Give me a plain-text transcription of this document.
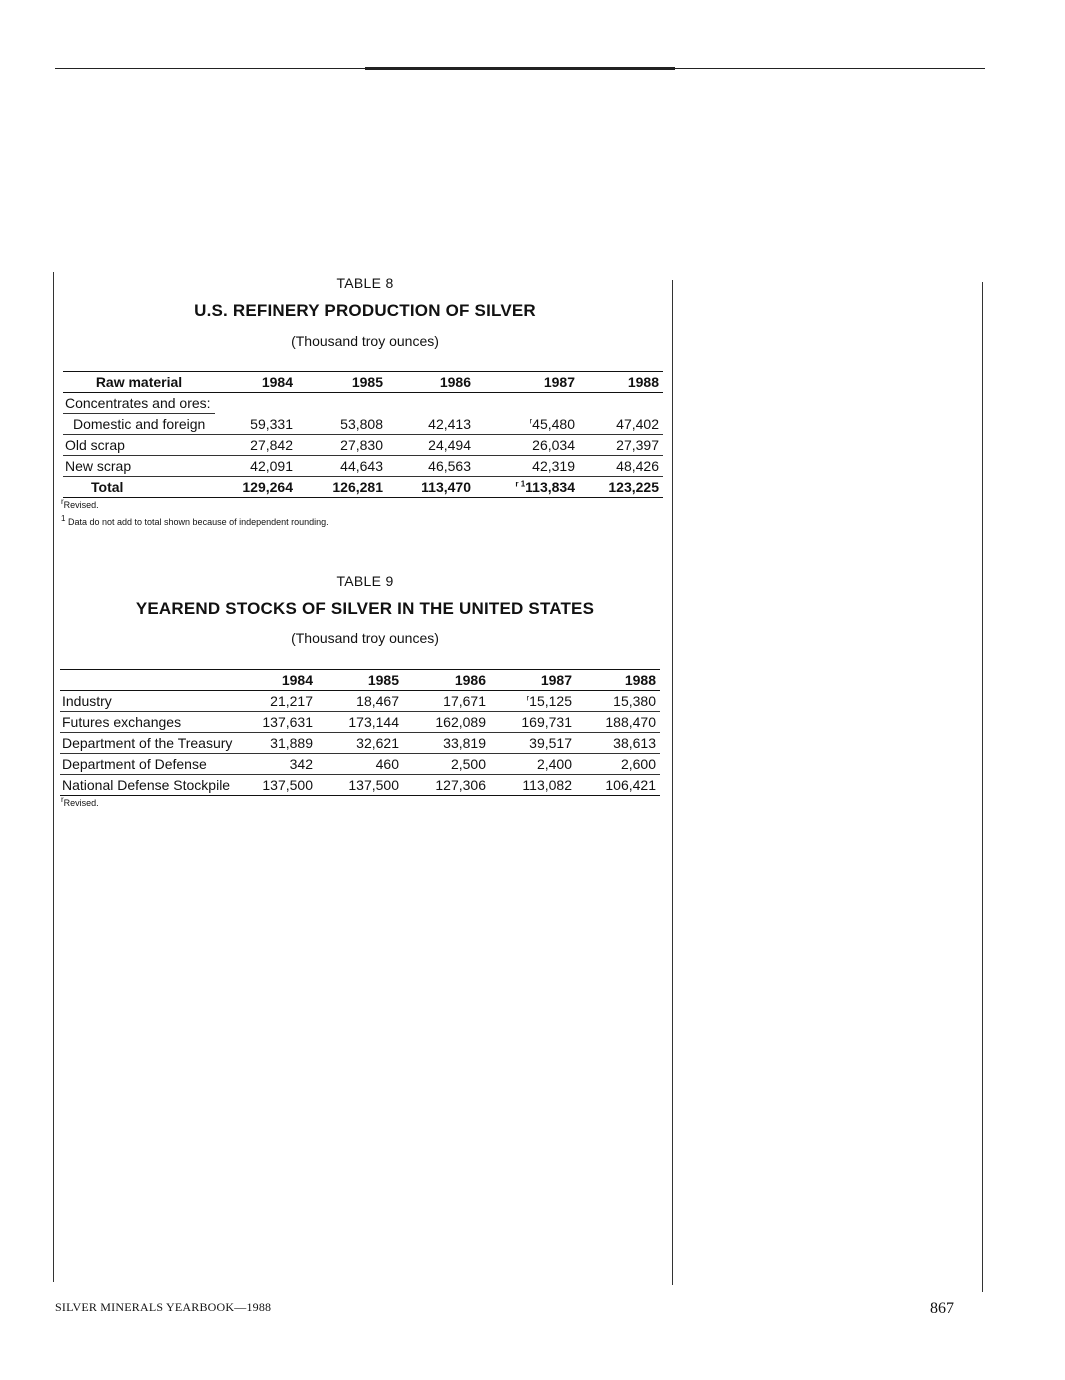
TABLE 8
U.S. REFINERY PRODUCTION OF SILVER
(Thousand troy ounces)
Raw material	1984	1985	1986	1987	1988
Concentrates and ores:					
Domestic and foreign	59,331	53,808	42,413	$^r$45,480	47,402
Old scrap	27,842	27,830	24,494	26,034	27,397
New scrap	42,091	44,643	46,563	42,319	48,426
Total	129,264	126,281	113,470	$^{r 1}$113,834	123,225
$^r$Revised.
$^1$ Data do not add to total shown because of independent rounding.
TABLE 9
YEAREND STOCKS OF SILVER IN THE UNITED STATES
(Thousand troy ounces)
	1984	1985	1986	1987	1988
Industry	21,217	18,467	17,671	$^r$15,125	15,380
Futures exchanges	137,631	173,144	162,089	169,731	188,470
Department of the Treasury	31,889	32,621	33,819	39,517	38,613
Department of Defense	342	460	2,500	2,400	2,600
National Defense Stockpile	137,500	137,500	127,306	113,082	106,421
$^r$Revised.
SILVER MINERALS YEARBOOK—1988	867
